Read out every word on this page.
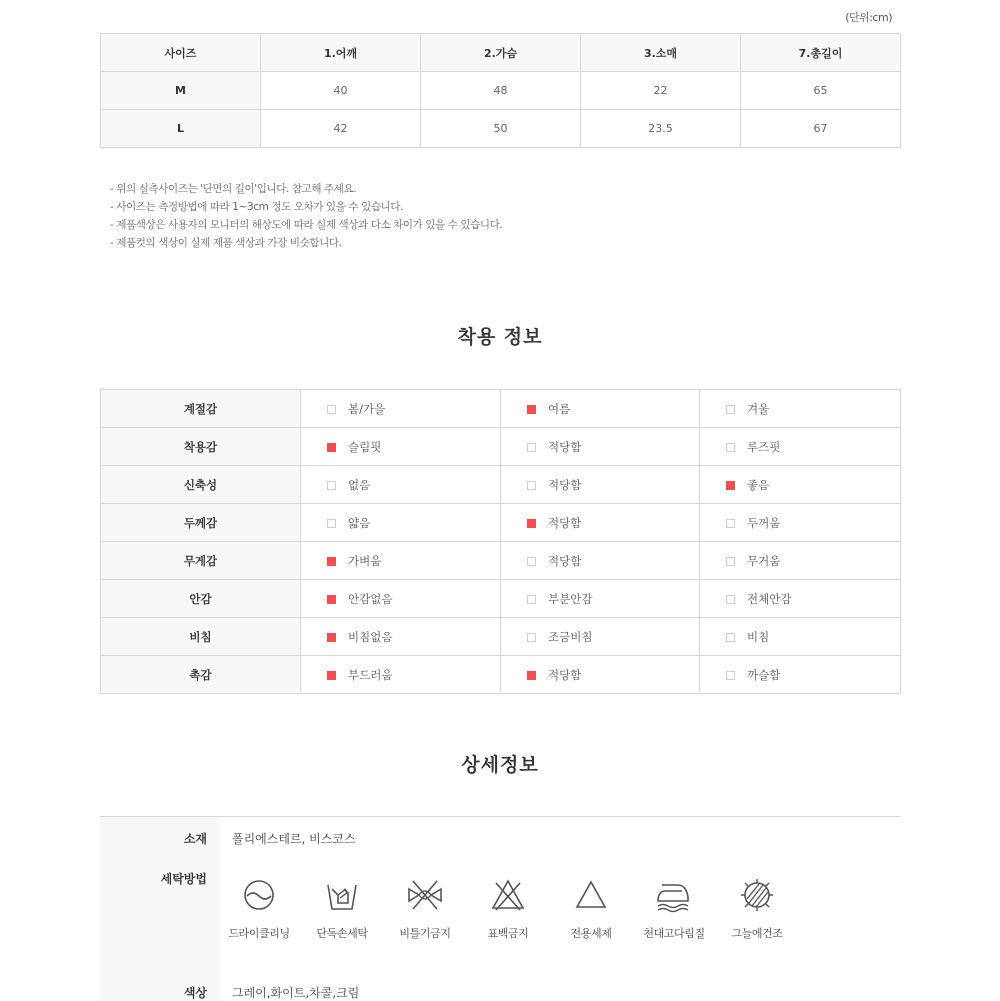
(단위:cm)
사이즈	1.어깨	2.가슴	3.소매	7.총길이
M	40	48	22	65
L	42	50	23.5	67
- 위의 실측사이즈는 '단면의 길이'입니다. 참고해 주세요.
- 사이즈는 측정방법에 따라 1~3cm 정도 오차가 있을 수 있습니다.
- 제품색상은 사용자의 모니터의 해상도에 따라 실제 색상과 다소 차이가 있을 수 있습니다.
- 제품컷의 색상이 실제 제품 색상과 가장 비슷합니다.
착용 정보
계절감	봄/가을	여름	겨울
착용감	슬림핏	적당함	루즈핏
신축성	없음	적당함	좋음
두께감	얇음	적당함	두꺼움
무게감	가벼움	적당함	무거움
안감	안감없음	부분안감	전체안감
비침	비침없음	조금비침	비침
촉감	부드러움	적당함	까슬함
상세정보
소재 폴리에스테르, 비스코스
세탁방법
드라이클리닝	단독손세탁	비틀기금지	표백금지	전용세제	천대고다림질	그늘에건조
색상 그레이,화이트,차콜,크림
